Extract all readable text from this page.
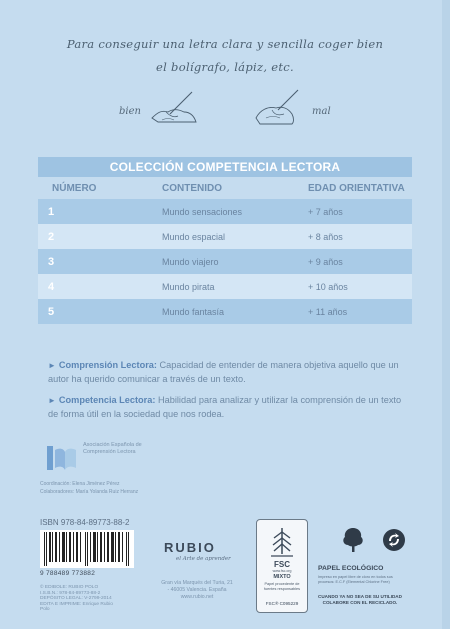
Para conseguir una letra clara y sencilla coger bien
el bolígrafo, lápiz, etc.
bien	mal
COLECCIÓN COMPETENCIA LECTORA
NÚMERO	CONTENIDO	EDAD ORIENTATIVA
1	Mundo sensaciones	+ 7 años
2	Mundo espacial	+ 8 años
3	Mundo viajero	+ 9 años
4	Mundo pirata	+ 10 años
5	Mundo fantasía	+ 11 años
► Comprensión Lectora: Capacidad de entender de manera objetiva aquello que un autor ha querido comunicar a través de un texto.
► Competencia Lectora: Habilidad para analizar y utilizar la comprensión de un texto de forma útil en la sociedad que nos rodea.
Asociación Española de Comprensión Lectora
Coordinación: Elena Jiménez Pérez
Colaboradores: María Yolanda Ruiz Herranz
ISBN 978-84-89773-88-2
9 788489 773882
© EDIBOLE: RUBIO POLO
I.S.B.N.: 978-84-89773-88-2
DEPÓSITO LEGAL: V-2799-2014
EDITA E IMPRIME: Enrique Rubio Polo
RUBIO
el Arte de aprender
Gran vía Marqués del Turia, 21 - 46005 Valencia. España
www.rubio.net
FSC
www.fsc.org
MIXTO
Papel procedente de fuentes responsables
FSC® C095229
PAPEL ECOLÓGICO
Impreso en papel libre de cloro en todos sus procesos: E.C.F (Elemental Chlorine Free)
CUANDO YA NO SEA DE SU UTILIDAD
COLABORE CON EL RECICLADO.
